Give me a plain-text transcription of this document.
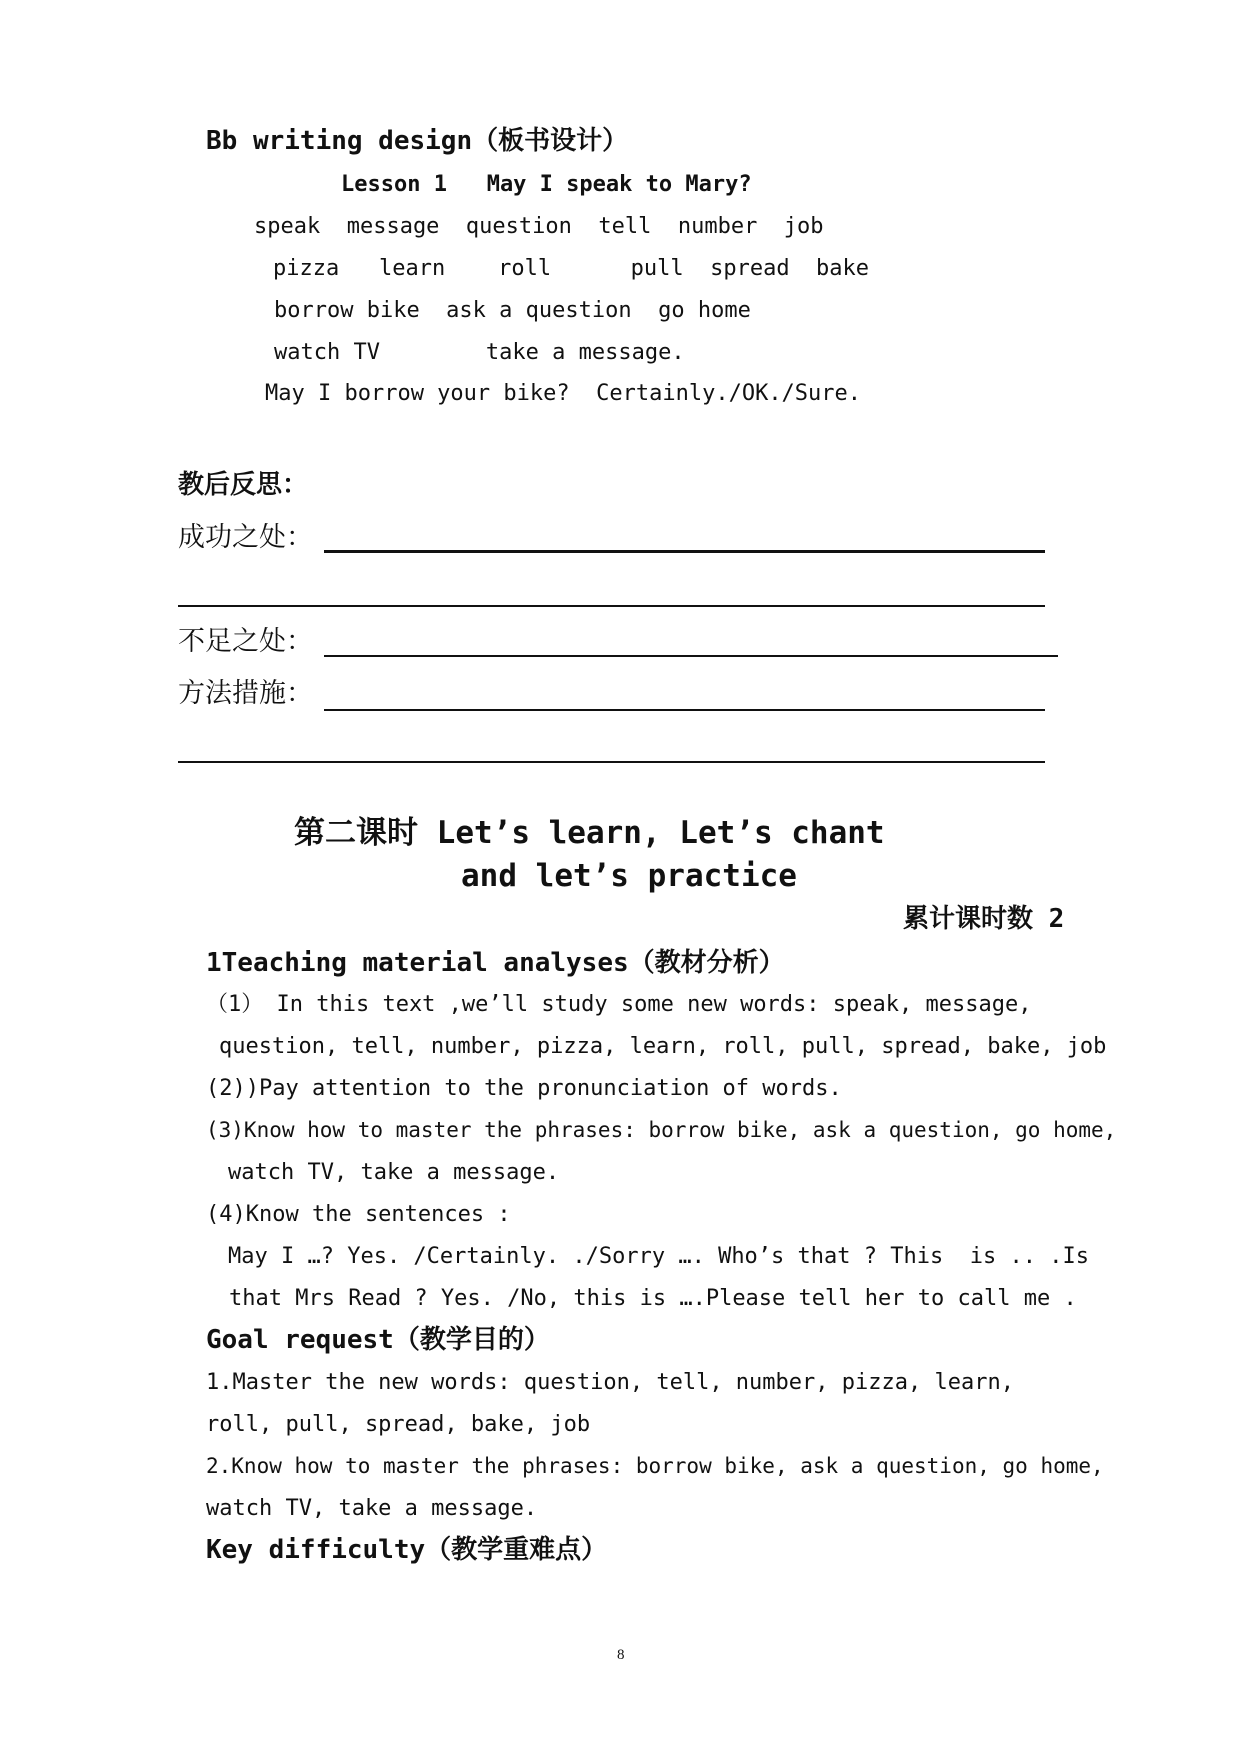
Bb writing design（板书设计）
Lesson 1   May I speak to Mary?
speak  message  question  tell  number  job
pizza   learn    roll      pull  spread  bake
borrow bike  ask a question  go home
watch TV        take a message.
May I borrow your bike?  Certainly./OK./Sure.
教后反思：
成功之处：
不足之处：
方法措施：
第二课时 Let’s learn, Let’s chant
and let’s practice
累计课时数 2
1Teaching material analyses（教材分析）
（1） In this text ,we’ll study some new words: speak, message,
question, tell, number, pizza, learn, roll, pull, spread, bake, job
(2))Pay attention to the pronunciation of words.
(3)Know how to master the phrases: borrow bike, ask a question, go home,
watch TV, take a message.
(4)Know the sentences :
May I …? Yes. /Certainly. ./Sorry …. Who’s that ? This  is .. .Is
that Mrs Read ? Yes. /No, this is ….Please tell her to call me .
Goal request（教学目的）
1.Master the new words: question, tell, number, pizza, learn,
roll, pull, spread, bake, job
2.Know how to master the phrases: borrow bike, ask a question, go home,
watch TV, take a message.
Key difficulty（教学重难点）
8
